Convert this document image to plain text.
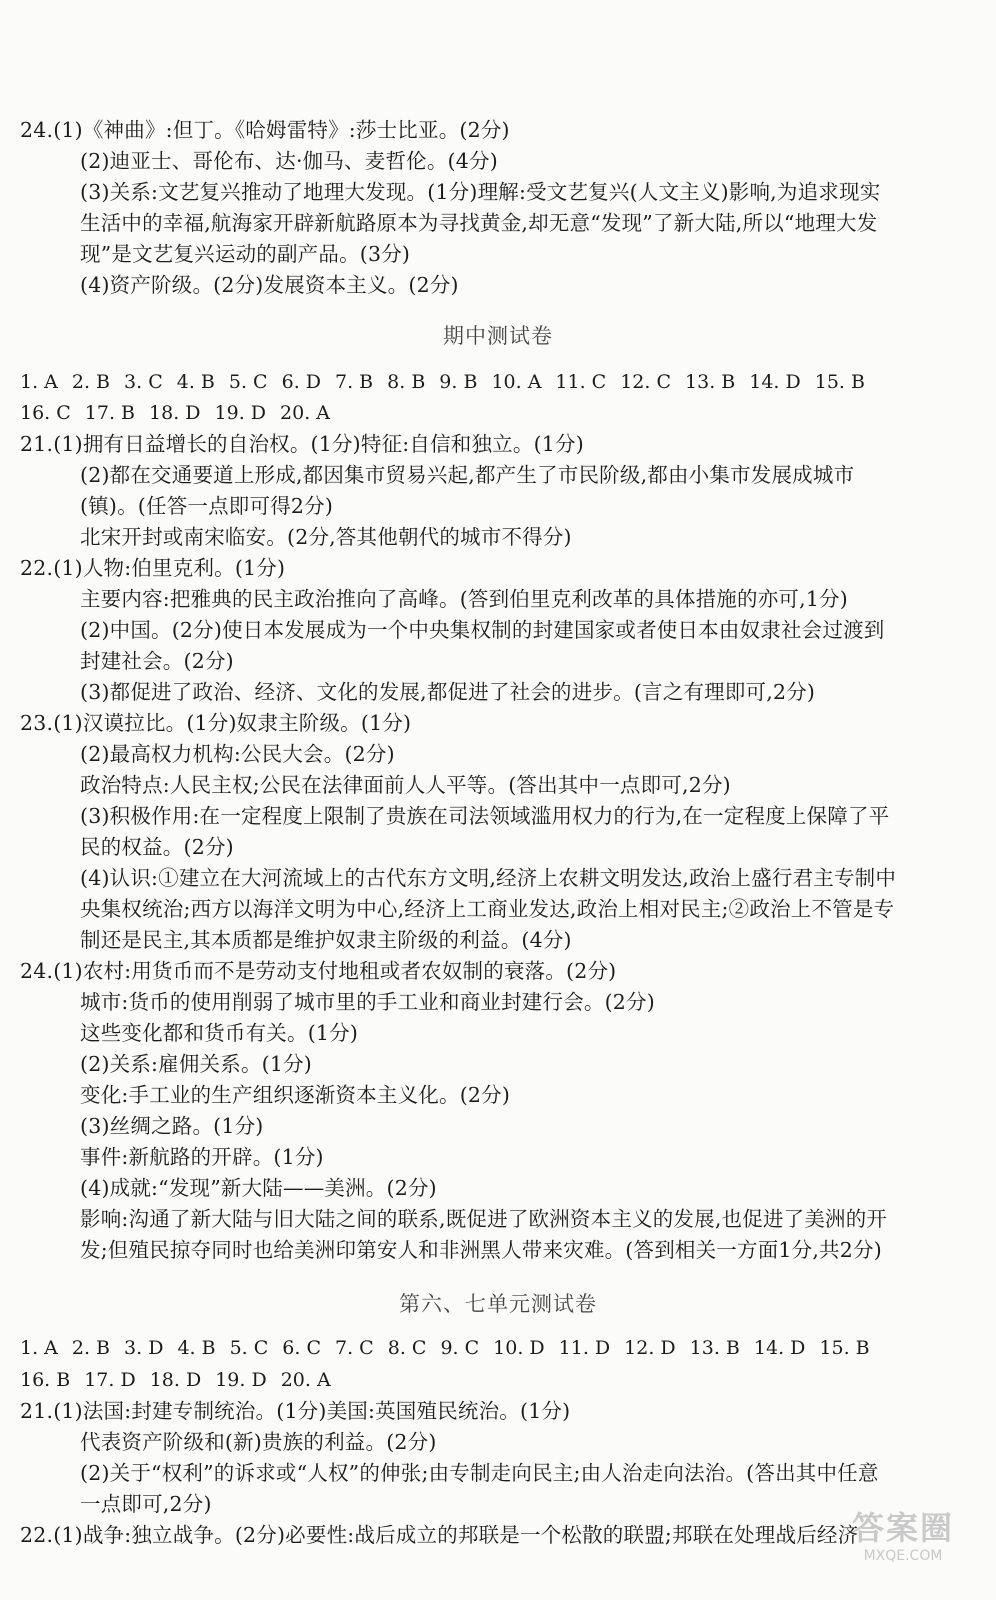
24.(1)《神曲》:但丁。《哈姆雷特》:莎士比亚。(2分)
(2)迪亚士、哥伦布、达·伽马、麦哲伦。(4分)
(3)关系:文艺复兴推动了地理大发现。(1分)理解:受文艺复兴(人文主义)影响,为追求现实
生活中的幸福,航海家开辟新航路原本为寻找黄金,却无意“发现”了新大陆,所以“地理大发
现”是文艺复兴运动的副产品。(3分)
(4)资产阶级。(2分)发展资本主义。(2分)
期中测试卷
1. A 2. B 3. C 4. B 5. C 6. D 7. B 8. B 9. B 10. A 11. C 12. C 13. B 14. D 15. B
16. C 17. B 18. D 19. D 20. A
21.(1)拥有日益增长的自治权。(1分)特征:自信和独立。(1分)
(2)都在交通要道上形成,都因集市贸易兴起,都产生了市民阶级,都由小集市发展成城市
(镇)。(任答一点即可得2分)
北宋开封或南宋临安。(2分,答其他朝代的城市不得分)
22.(1)人物:伯里克利。(1分)
主要内容:把雅典的民主政治推向了高峰。(答到伯里克利改革的具体措施的亦可,1分)
(2)中国。(2分)使日本发展成为一个中央集权制的封建国家或者使日本由奴隶社会过渡到
封建社会。(2分)
(3)都促进了政治、经济、文化的发展,都促进了社会的进步。(言之有理即可,2分)
23.(1)汉谟拉比。(1分)奴隶主阶级。(1分)
(2)最高权力机构:公民大会。(2分)
政治特点:人民主权;公民在法律面前人人平等。(答出其中一点即可,2分)
(3)积极作用:在一定程度上限制了贵族在司法领域滥用权力的行为,在一定程度上保障了平
民的权益。(2分)
(4)认识:①建立在大河流域上的古代东方文明,经济上农耕文明发达,政治上盛行君主专制中
央集权统治;西方以海洋文明为中心,经济上工商业发达,政治上相对民主;②政治上不管是专
制还是民主,其本质都是维护奴隶主阶级的利益。(4分)
24.(1)农村:用货币而不是劳动支付地租或者农奴制的衰落。(2分)
城市:货币的使用削弱了城市里的手工业和商业封建行会。(2分)
这些变化都和货币有关。(1分)
(2)关系:雇佣关系。(1分)
变化:手工业的生产组织逐渐资本主义化。(2分)
(3)丝绸之路。(1分)
事件:新航路的开辟。(1分)
(4)成就:“发现”新大陆——美洲。(2分)
影响:沟通了新大陆与旧大陆之间的联系,既促进了欧洲资本主义的发展,也促进了美洲的开
发;但殖民掠夺同时也给美洲印第安人和非洲黑人带来灾难。(答到相关一方面1分,共2分)
第六、七单元测试卷
1. A 2. B 3. D 4. B 5. C 6. C 7. C 8. C 9. C 10. D 11. D 12. D 13. B 14. D 15. B
16. B 17. D 18. D 19. D 20. A
21.(1)法国:封建专制统治。(1分)美国:英国殖民统治。(1分)
代表资产阶级和(新)贵族的利益。(2分)
(2)关于“权利”的诉求或“人权”的伸张;由专制走向民主;由人治走向法治。(答出其中任意
一点即可,2分)
22.(1)战争:独立战争。(2分)必要性:战后成立的邦联是一个松散的联盟;邦联在处理战后经济
答案圈
MXQE.COM
